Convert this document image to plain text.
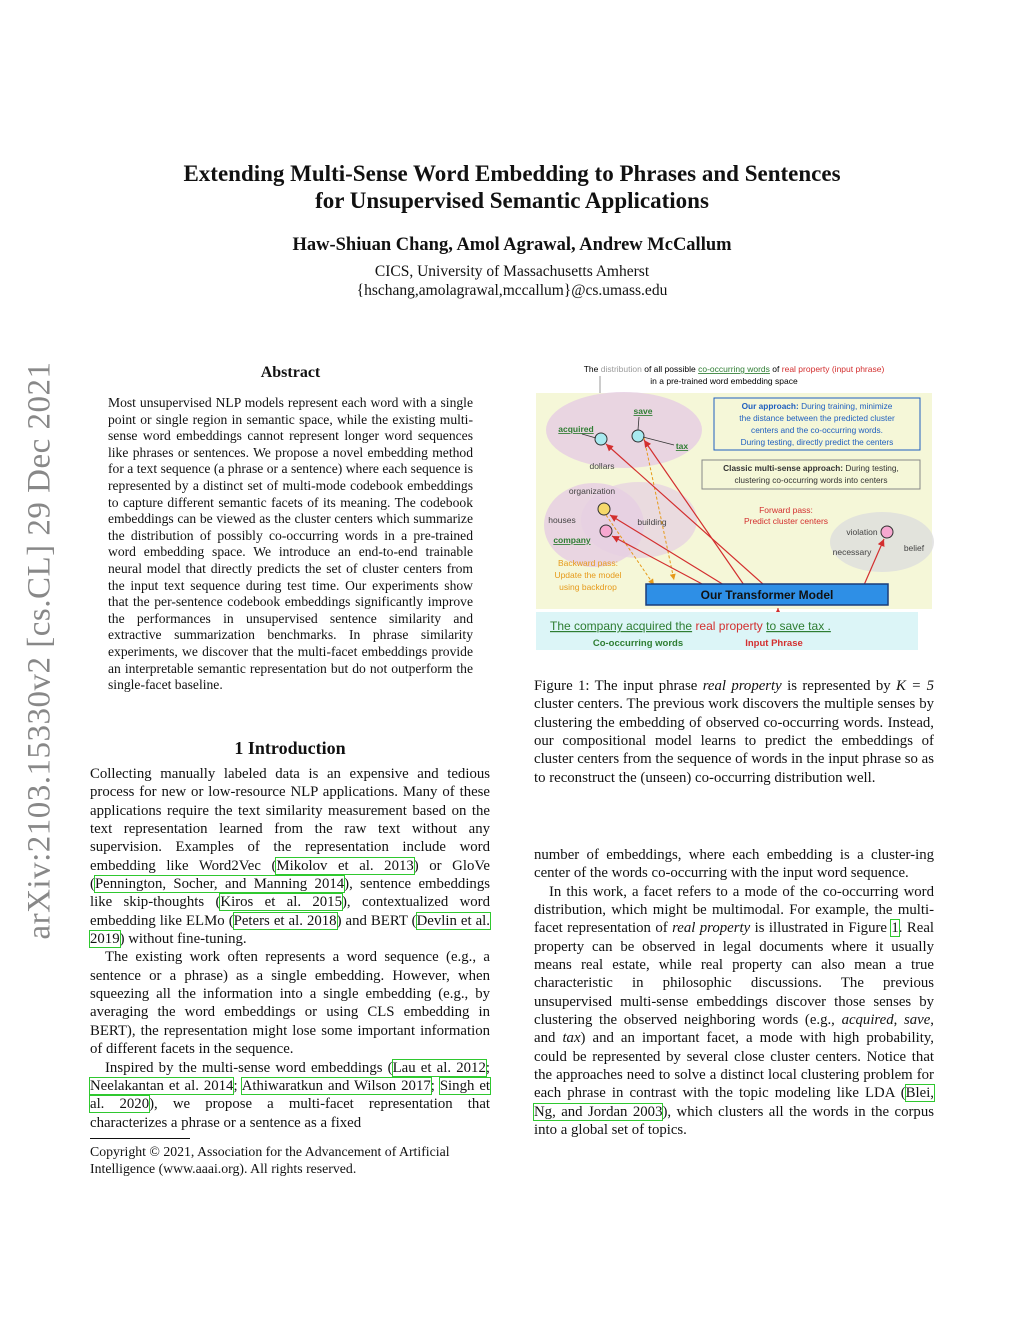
Extending Multi-Sense Word Embedding to Phrases and Sentences
for Unsupervised Semantic Applications
Haw-Shiuan Chang, Amol Agrawal, Andrew McCallum
CICS, University of Massachusetts Amherst
{hschang,amolagrawal,mccallum}@cs.umass.edu
arXiv:2103.15330v2 [cs.CL] 29 Dec 2021	Abstract
Most unsupervised NLP models represent each word with a single point or single region in semantic space, while the existing multi-sense word embeddings cannot represent longer word sequences like phrases or sentences. We propose a novel embedding method for a text sequence (a phrase or a sentence) where each sequence is represented by a distinct set of multi-mode codebook embeddings to capture different semantic facets of its meaning. The codebook embeddings can be viewed as the cluster centers which summarize the distribution of possibly co-occurring words in a pre-trained word embedding space. We introduce an end-to-end trainable neural model that directly predicts the set of cluster centers from the input text sequence during test time. Our experiments show that the per-sentence codebook embeddings significantly improve the performances in unsupervised sentence similarity and extractive summarization benchmarks. In phrase similarity experiments, we discover that the multi-facet embeddings provide an interpretable semantic representation but do not outperform the single-facet baseline.
1 Introduction

Collecting manually labeled data is an expensive and tedious process for new or low-resource NLP applications. Many of these applications require the text similarity measurement based on the text representation learned from the raw text without any supervision. Examples of the representation include word embedding like Word2Vec (Mikolov et al. 2013) or GloVe (Pennington, Socher, and Manning 2014), sentence embeddings like skip-thoughts (Kiros et al. 2015), contextualized word embedding like ELMo (Peters et al. 2018) and BERT (Devlin et al. 2019) without fine-tuning.

The existing work often represents a word sequence (e.g., a sentence or a phrase) as a single embedding. However, when squeezing all the information into a single embedding (e.g., by averaging the word embeddings or using CLS embedding in BERT), the representation might lose some important information of different facets in the sequence.

Inspired by the multi-sense word embeddings (Lau et al. 2012; Neelakantan et al. 2014; Athiwaratkun and Wilson 2017; Singh et al. 2020), we propose a multi-facet representation that characterizes a phrase or a sentence as a fixed

Copyright © 2021, Association for the Advancement of Artificial Intelligence (www.aaai.org). All rights reserved.
The distribution of all possible co-occurring words of real property (input phrase)
in a pre-trained word embedding space
save
acquired
tax
dollars
organization
houses	building
company
violation
necessary	belief
Our approach: During training, minimize
the distance between the predicted cluster
centers and the co-occurring words.
During testing, directly predict the centers
Classic multi-sense approach: During testing,
clustering co-occurring words into centers
Forward pass:
Predict cluster centers
Backward pass:
Update the model
using backdrop
Our Transformer Model
The company acquired the real property to save tax .
Co-occurring words	Input Phrase
Figure 1: The input phrase real property is represented by K = 5 cluster centers. The previous work discovers the multiple senses by clustering the embedding of observed co-occurring words. Instead, our compositional model learns to predict the embeddings of cluster centers from the sequence of words in the input phrase so as to reconstruct the (unseen) co-occurring distribution well.

number of embeddings, where each embedding is a cluster-ing center of the words co-occurring with the input word sequence.

In this work, a facet refers to a mode of the co-occurring word distribution, which might be multimodal. For example, the multi-facet representation of real property is illustrated in Figure 1. Real property can be observed in legal documents where it usually means real estate, while real property can also mean a true characteristic in philosophic discussions. The previous unsupervised multi-sense embeddings discover those senses by clustering the observed neighboring words (e.g., acquired, save, and tax) and an important facet, a mode with high probability, could be represented by several close cluster centers. Notice that the approaches need to solve a distinct local clustering problem for each phrase in contrast with the topic modeling like LDA (Blei, Ng, and Jordan 2003), which clusters all the words in the corpus into a global set of topics.
